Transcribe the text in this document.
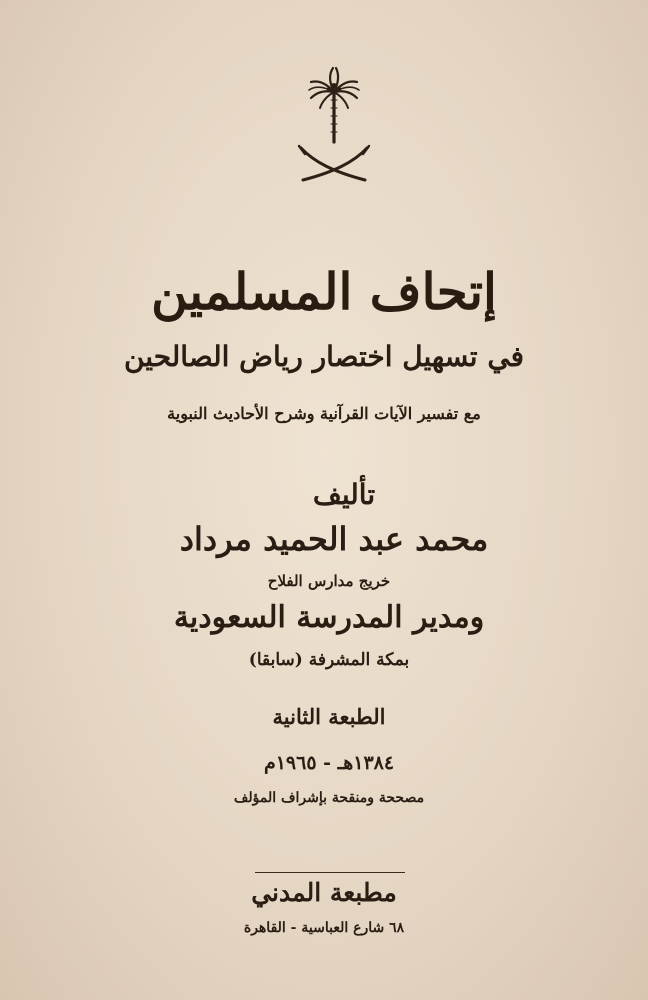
إتحاف المسلمين
في تسهيل اختصار رياض الصالحين
مع تفسير الآيات القرآنية وشرح الأحاديث النبوية
تأليف
محمد عبد الحميد مرداد
خريج مدارس الفلاح
ومدير المدرسة السعودية
بمكة المشرفة (سابقا)
الطبعة الثانية
١٣٨٤هـ - ١٩٦٥م
مصححة ومنقحة بإشراف المؤلف
مطبعة المدني
٦٨ شارع العباسية - القاهرة
